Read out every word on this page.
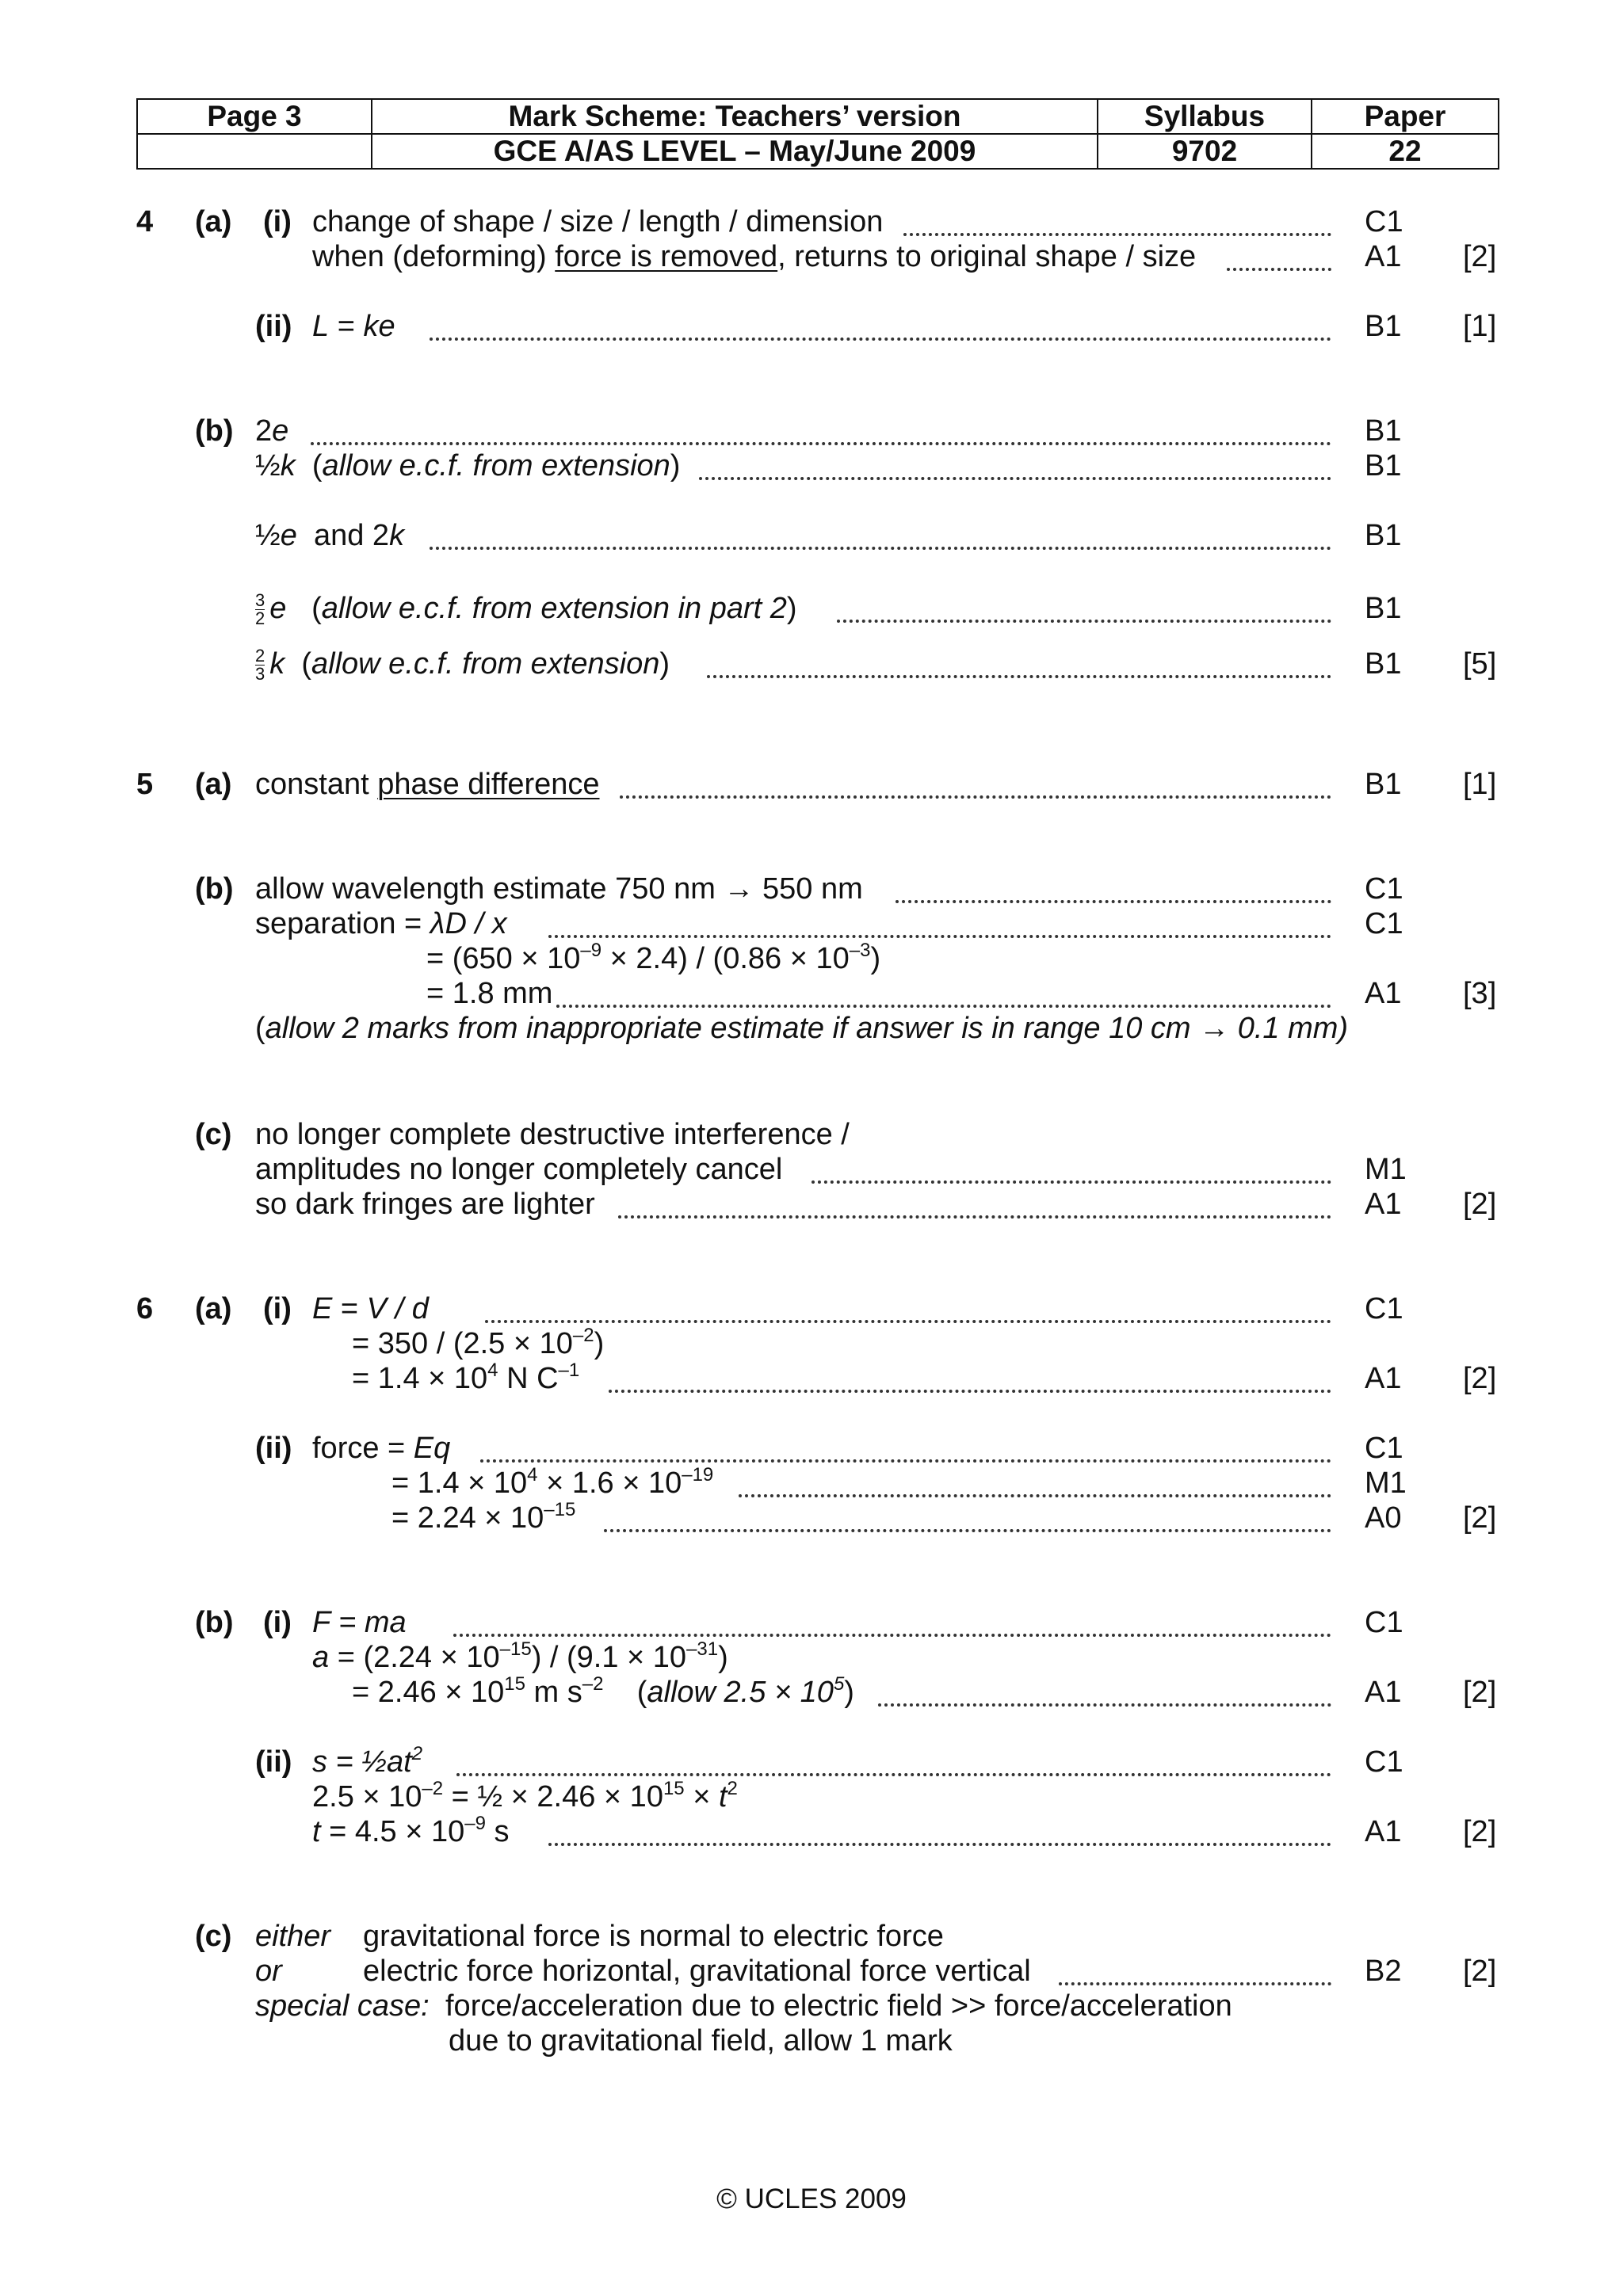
Page 3	Mark Scheme: Teachers’ version	Syllabus	Paper
	GCE A/AS LEVEL – May/June 2009	9702	22
4 (a) (i) change of shape / size / length / dimension	C1
when (deforming) force is removed, returns to original shape / size	A1 [2]
(ii) L = ke	B1 [1]
(b) 2e	B1
½k  (allow e.c.f. from extension)	B1
½e and 2k	B1
$\frac{3}{2}$ e   (allow e.c.f. from extension in part 2)	B1
$\frac{2}{3}$ k  (allow e.c.f. from extension)	B1 [5]
5 (a) constant phase difference	B1 [1]
(b) allow wavelength estimate 750 nm → 550 nm	C1
separation = λD / x	C1
= $(650 \times 10^{-9} \times 2.4) / (0.86 \times 10^{-3})$
= 1.8 mm	A1 [3]
(allow 2 marks from inappropriate estimate if answer is in range 10 cm → 0.1 mm)
(c) no longer complete destructive interference /
amplitudes no longer completely cancel	M1
so dark fringes are lighter	A1 [2]
6 (a) (i) E = V / d	C1
= $350 / (2.5 \times 10^{-2})$
= $1.4 \times 10^4$ N $C^{-1}$	A1 [2]
(ii) force = Eq	C1
= $1.4 \times 10^4 \times 1.6 \times 10^{-19}$	M1
= $2.24 \times 10^{-15}$	A0 [2]
(b) (i) F = ma	C1
$a = (2.24 \times 10^{-15}) / (9.1 \times 10^{-31})$
= $2.46 \times 10^{15}$ m $s^{-2}$ (allow $2.5 \times 10^5$)	A1 [2]
(ii) $s = \frac{1}{2}at^2$	C1
$2.5 \times 10^{-2}$ = ½ × $2.46 \times 10^{15} \times t^2$
$t = 4.5 \times 10^{-9}$ s	A1 [2]
(c) either gravitational force is normal to electric force
or	electric force horizontal, gravitational force vertical	B2 [2]
special case: force/acceleration due to electric field >> force/acceleration
due to gravitational field, allow 1 mark
© UCLES 2009
